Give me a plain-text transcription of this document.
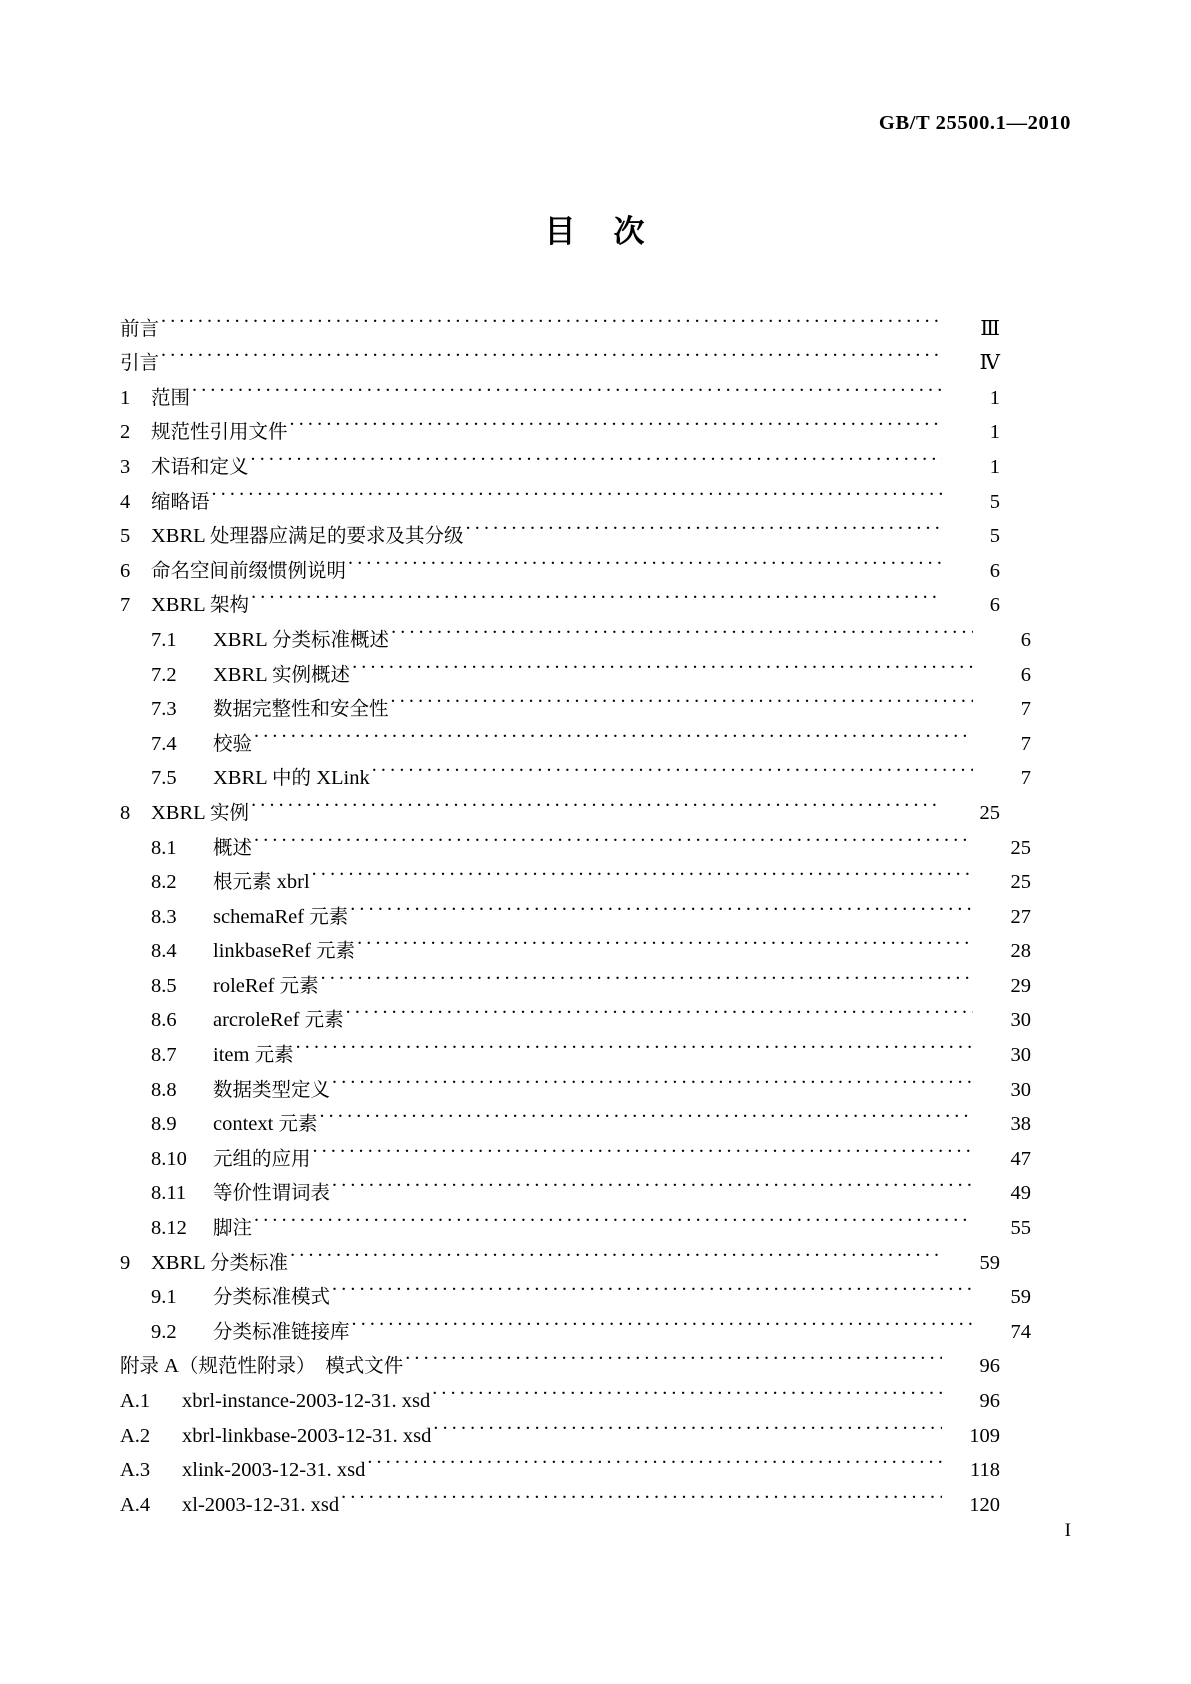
GB/T 25500.1—2010
目 次
前言 .....	Ⅲ
引言 .....	Ⅳ
1	范围 .....	1
2	规范性引用文件 .....	1
3	术语和定义 .....	1
4	缩略语 .....	5
5	XBRL 处理器应满足的要求及其分级 .....	5
6	命名空间前缀惯例说明 .....	6
7	XBRL 架构 .....	6
7.1	XBRL 分类标准概述 .....	6
7.2	XBRL 实例概述 .....	6
7.3	数据完整性和安全性 .....	7
7.4	校验 .....	7
7.5	XBRL 中的 XLink .....	7
8	XBRL 实例 .....	25
8.1	概述 .....	25
8.2	根元素 xbrl .....	25
8.3	schemaRef 元素 .....	27
8.4	linkbaseRef 元素 .....	28
8.5	roleRef 元素 .....	29
8.6	arcroleRef 元素 .....	30
8.7	item 元素 .....	30
8.8	数据类型定义 .....	30
8.9	context 元素 .....	38
8.10	元组的应用 .....	47
8.11	等价性谓词表 .....	49
8.12	脚注 .....	55
9	XBRL 分类标准 .....	59
9.1	分类标准模式 .....	59
9.2	分类标准链接库 .....	74
附录 A（规范性附录）　模式文件 .....	96
A.1	xbrl-instance-2003-12-31. xsd .....	96
A.2	xbrl-linkbase-2003-12-31. xsd .....	109
A.3	xlink-2003-12-31. xsd .....	118
A.4	xl-2003-12-31. xsd .....	120
I
